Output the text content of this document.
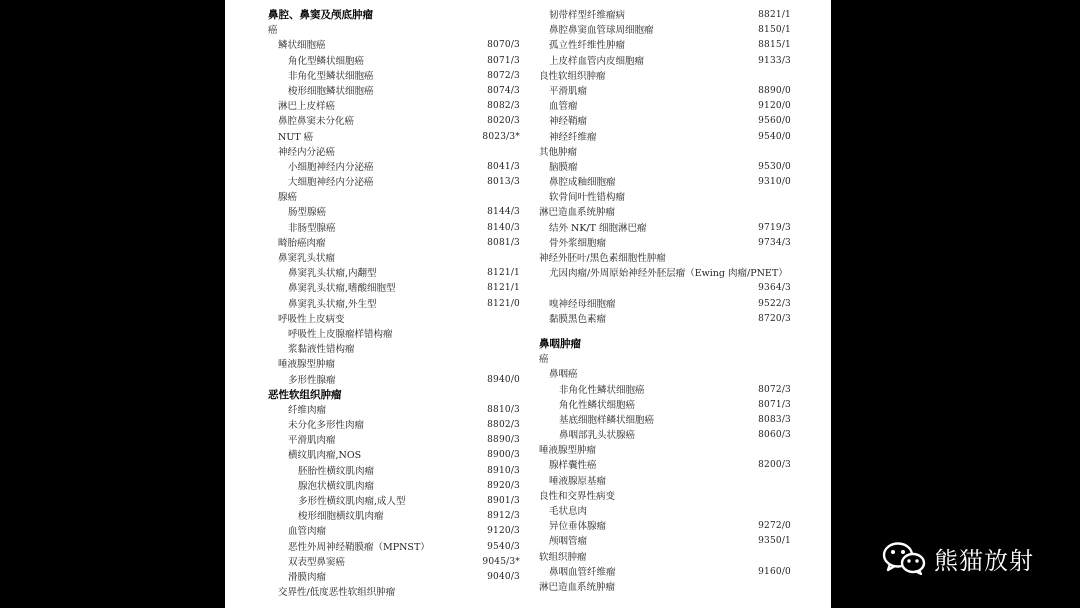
鼻腔、鼻窦及颅底肿瘤
癌
鳞状细胞癌	8070/3
角化型鳞状细胞癌	8071/3
非角化型鳞状细胞癌	8072/3
梭形细胞鳞状细胞癌	8074/3
淋巴上皮样癌	8082/3
鼻腔鼻窦未分化癌	8020/3
NUT 癌	8023/3*
神经内分泌癌
小细胞神经内分泌癌	8041/3
大细胞神经内分泌癌	8013/3
腺癌
肠型腺癌	8144/3
非肠型腺癌	8140/3
畸胎癌肉瘤	8081/3
鼻窦乳头状瘤
鼻窦乳头状瘤,内翻型	8121/1
鼻窦乳头状瘤,嗜酸细胞型	8121/1
鼻窦乳头状瘤,外生型	8121/0
呼吸性上皮病变
呼吸性上皮腺瘤样错构瘤
浆黏液性错构瘤
唾液腺型肿瘤
多形性腺瘤	8940/0
恶性软组织肿瘤
纤维肉瘤	8810/3
未分化多形性肉瘤	8802/3
平滑肌肉瘤	8890/3
横纹肌肉瘤,NOS	8900/3
胚胎性横纹肌肉瘤	8910/3
腺泡状横纹肌肉瘤	8920/3
多形性横纹肌肉瘤,成人型	8901/3
梭形细胞横纹肌肉瘤	8912/3
血管肉瘤	9120/3
恶性外周神经鞘膜瘤（MPNST）	9540/3
双表型鼻窦癌	9045/3*
滑膜肉瘤	9040/3
交界性/低度恶性软组织肿瘤
韧带样型纤维瘤病	8821/1
鼻腔鼻窦血管球周细胞瘤	8150/1
孤立性纤维性肿瘤	8815/1
上皮样血管内皮细胞瘤	9133/3
良性软组织肿瘤
平滑肌瘤	8890/0
血管瘤	9120/0
神经鞘瘤	9560/0
神经纤维瘤	9540/0
其他肿瘤
脑膜瘤	9530/0
鼻腔成釉细胞瘤	9310/0
软骨间叶性错构瘤
淋巴造血系统肿瘤
结外 NK/T 细胞淋巴瘤	9719/3
骨外浆细胞瘤	9734/3
神经外胚叶/黑色素细胞性肿瘤
尤因肉瘤/外周原始神经外胚层瘤（Ewing 肉瘤/PNET）
9364/3
嗅神经母细胞瘤	9522/3
黏膜黑色素瘤	8720/3
鼻咽肿瘤
癌
鼻咽癌
非角化性鳞状细胞癌	8072/3
角化性鳞状细胞癌	8071/3
基底细胞样鳞状细胞癌	8083/3
鼻咽部乳头状腺癌	8060/3
唾液腺型肿瘤
腺样囊性癌	8200/3
唾液腺原基瘤
良性和交界性病变
毛状息肉
异位垂体腺瘤	9272/0
颅咽管瘤	9350/1
软组织肿瘤
鼻咽血管纤维瘤	9160/0
淋巴造血系统肿瘤
熊猫放射
